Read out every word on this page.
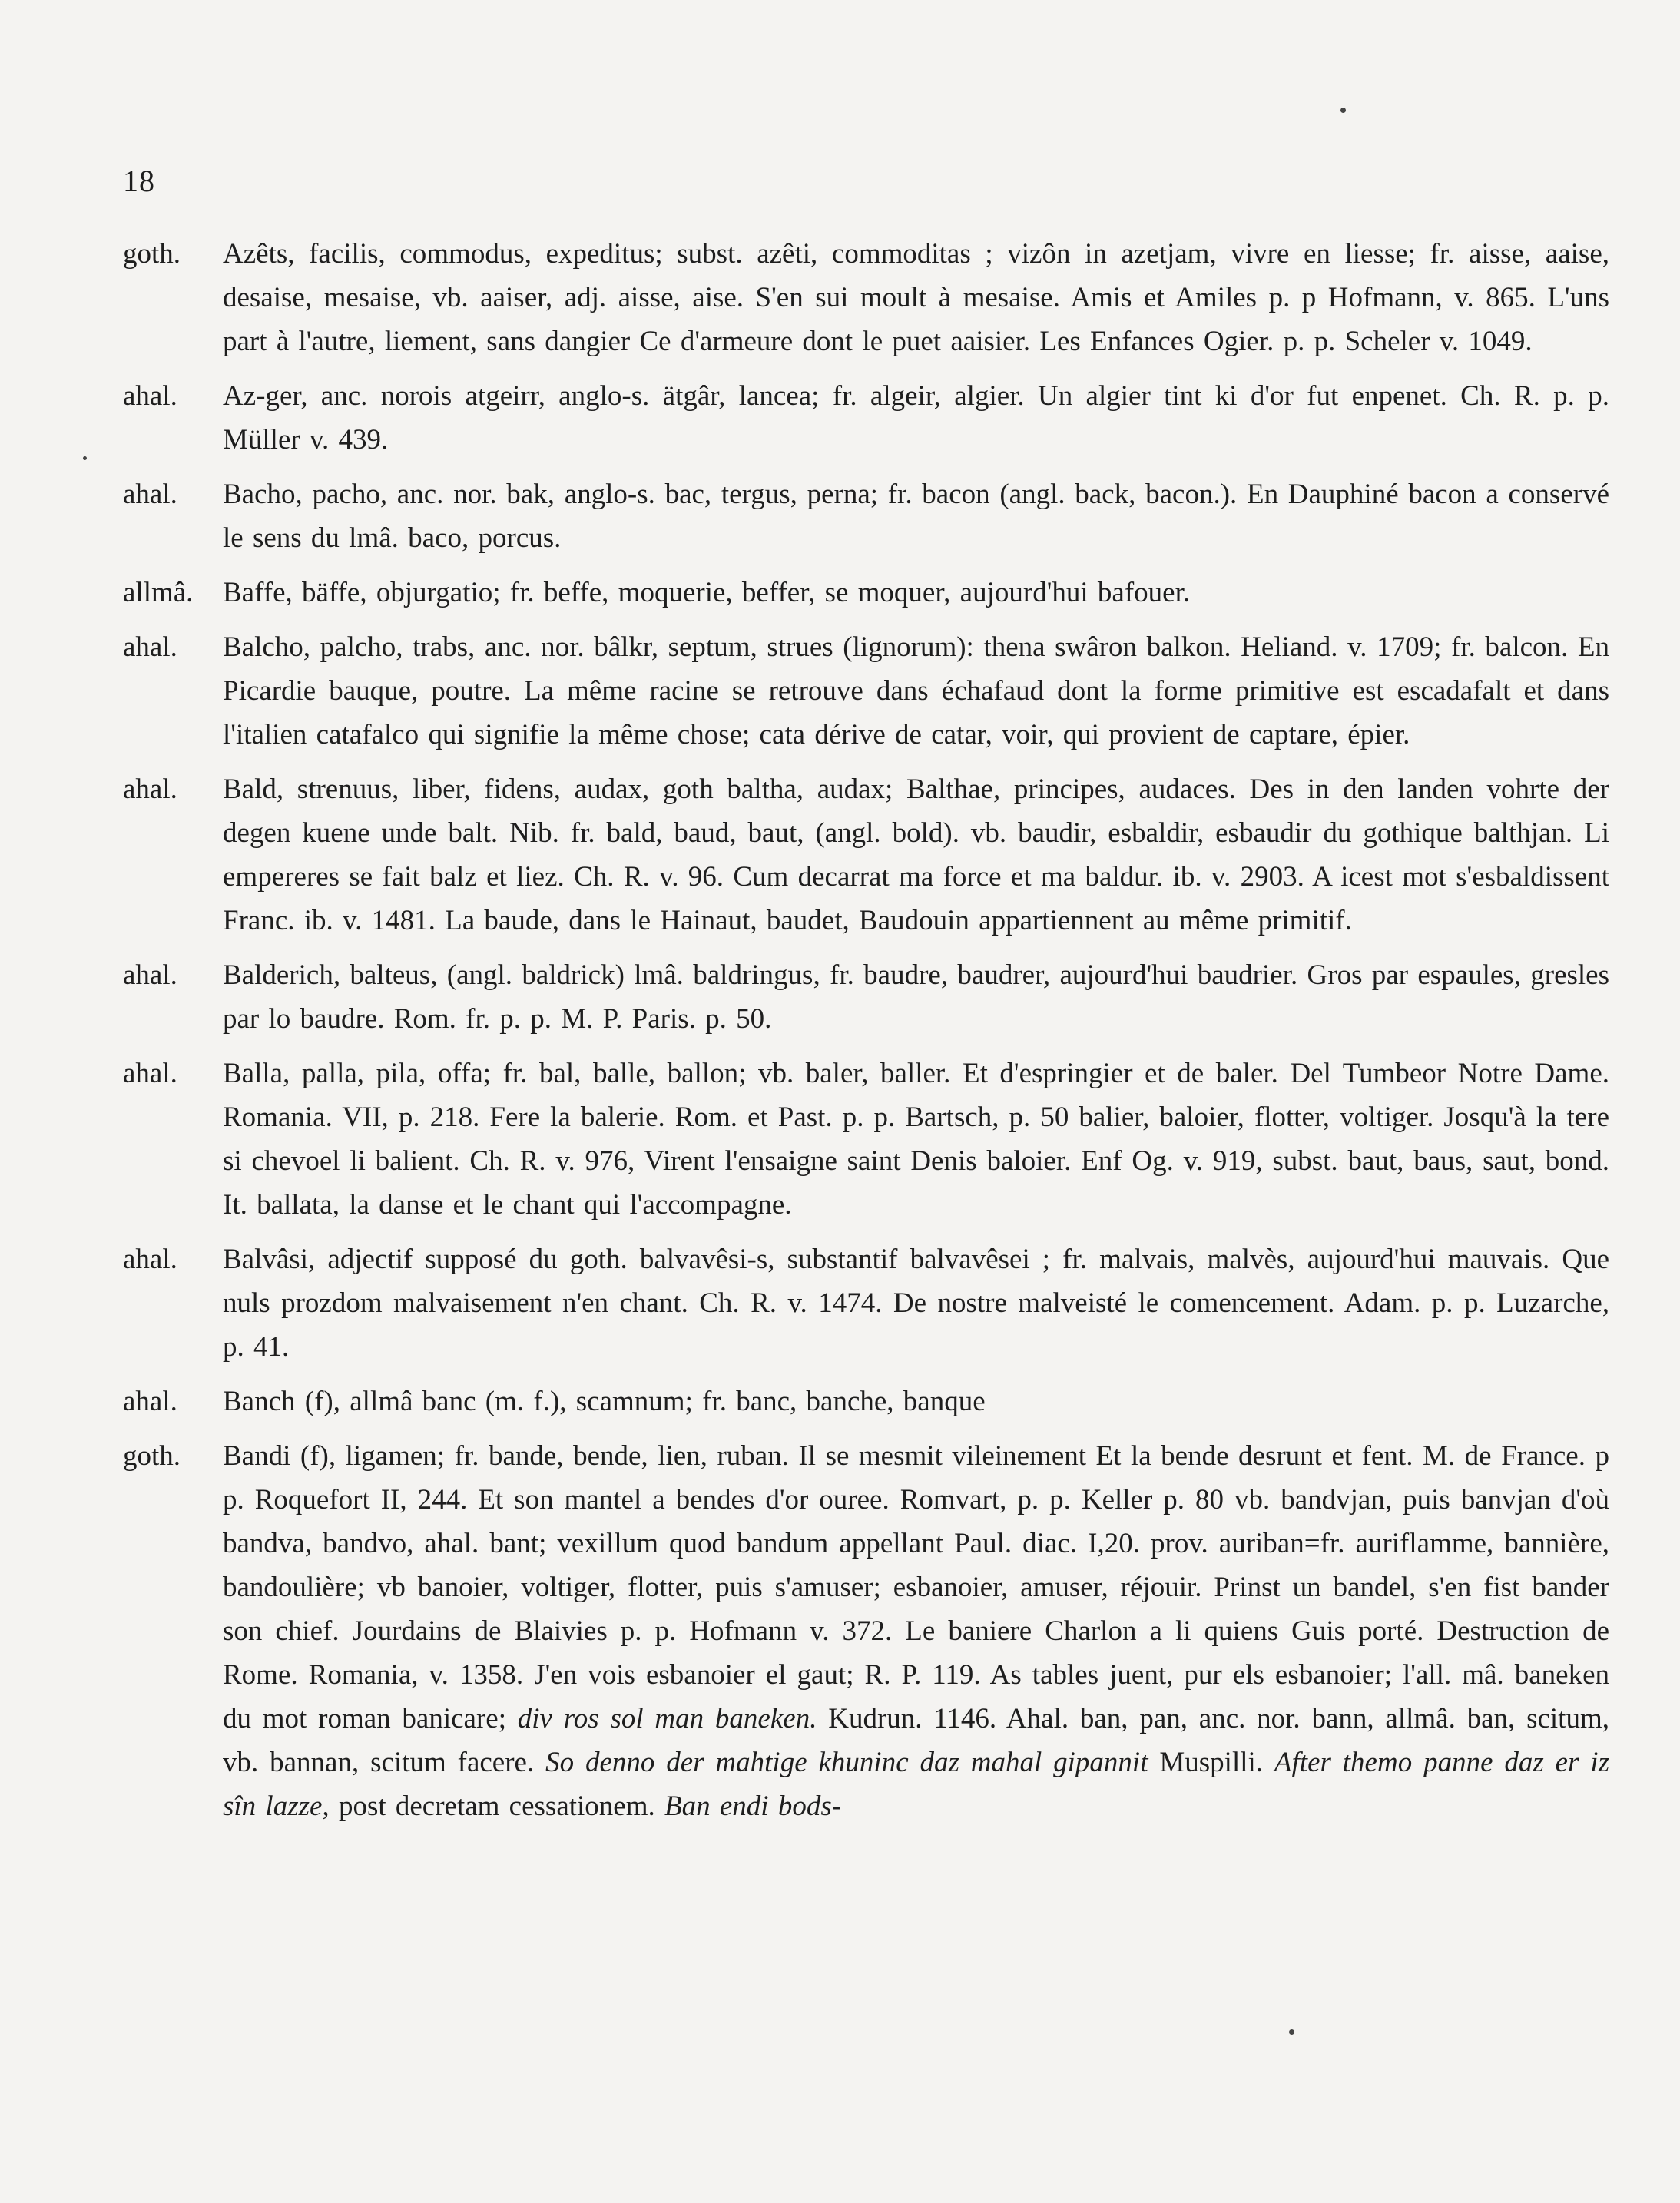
18
goth.	Azêts, facilis, commodus, expeditus; subst. azêti, commoditas ; vizôn in azetjam, vivre en liesse; fr. aisse, aaise, desaise, mesaise, vb. aaiser, adj. aisse, aise. S'en sui moult à mesaise. Amis et Amiles p. p Hofmann, v. 865. L'uns part à l'autre, liement, sans dangier Ce d'armeure dont le puet aaisier. Les Enfances Ogier. p. p. Scheler v. 1049.
ahal.	Az-ger, anc. norois atgeirr, anglo-s. ätgâr, lancea; fr. algeir, algier. Un algier tint ki d'or fut enpenet. Ch. R. p. p. Müller v. 439.
ahal.	Bacho, pacho, anc. nor. bak, anglo-s. bac, tergus, perna; fr. bacon (angl. back, bacon.). En Dauphiné bacon a conservé le sens du lmâ. baco, porcus.
allmâ.	Baffe, bäffe, objurgatio; fr. beffe, moquerie, beffer, se moquer, aujourd'hui bafouer.
ahal.	Balcho, palcho, trabs, anc. nor. bâlkr, septum, strues (lignorum): thena swâron balkon. Heliand. v. 1709; fr. balcon. En Picardie bauque, poutre. La même racine se retrouve dans échafaud dont la forme primitive est escadafalt et dans l'italien catafalco qui signifie la même chose; cata dérive de catar, voir, qui provient de captare, épier.
ahal.	Bald, strenuus, liber, fidens, audax, goth baltha, audax; Balthae, principes, audaces. Des in den landen vohrte der degen kuene unde balt. Nib. fr. bald, baud, baut, (angl. bold). vb. baudir, esbaldir, esbaudir du gothique balthjan. Li empereres se fait balz et liez. Ch. R. v. 96. Cum decarrat ma force et ma baldur. ib. v. 2903. A icest mot s'esbaldissent Franc. ib. v. 1481. La baude, dans le Hainaut, baudet, Baudouin appartiennent au même primitif.
ahal.	Balderich, balteus, (angl. baldrick) lmâ. baldringus, fr. baudre, baudrer, aujourd'hui baudrier. Gros par espaules, gresles par lo baudre. Rom. fr. p. p. M. P. Paris. p. 50.
ahal.	Balla, palla, pila, offa; fr. bal, balle, ballon; vb. baler, baller. Et d'espringier et de baler. Del Tumbeor Notre Dame. Romania. VII, p. 218. Fere la balerie. Rom. et Past. p. p. Bartsch, p. 50 balier, baloier, flotter, voltiger. Josqu'à la tere si chevoel li balient. Ch. R. v. 976, Virent l'ensaigne saint Denis baloier. Enf Og. v. 919, subst. baut, baus, saut, bond. It. ballata, la danse et le chant qui l'accompagne.
ahal.	Balvâsi, adjectif supposé du goth. balvavêsi-s, substantif balvavêsei ; fr. malvais, malvès, aujourd'hui mauvais. Que nuls prozdom malvaisement n'en chant. Ch. R. v. 1474. De nostre malveisté le comencement. Adam. p. p. Luzarche, p. 41.
ahal.	Banch (f), allmâ banc (m. f.), scamnum; fr. banc, banche, banque
goth.	Bandi (f), ligamen; fr. bande, bende, lien, ruban. Il se mesmit vileinement Et la bende desrunt et fent. M. de France. p p. Roquefort II, 244. Et son mantel a bendes d'or ouree. Romvart, p. p. Keller p. 80 vb. bandvjan, puis banvjan d'où bandva, bandvo, ahal. bant; vexillum quod bandum appellant Paul. diac. I,20. prov. auriban=fr. auriflamme, bannière, bandoulière; vb banoier, voltiger, flotter, puis s'amuser; esbanoier, amuser, réjouir. Prinst un bandel, s'en fist bander son chief. Jourdains de Blaivies p. p. Hofmann v. 372. Le baniere Charlon a li quiens Guis porté. Destruction de Rome. Romania, v. 1358. J'en vois esbanoier el gaut; R. P. 119. As tables juent, pur els esbanoier; l'all. mâ. baneken du mot roman banicare; div ros sol man baneken. Kudrun. 1146. Ahal. ban, pan, anc. nor. bann, allmâ. ban, scitum, vb. bannan, scitum facere. So denno der mahtige khuninc daz mahal gipannit Muspilli. After themo panne daz er iz sîn lazze, post decretam cessationem. Ban endi bods-
